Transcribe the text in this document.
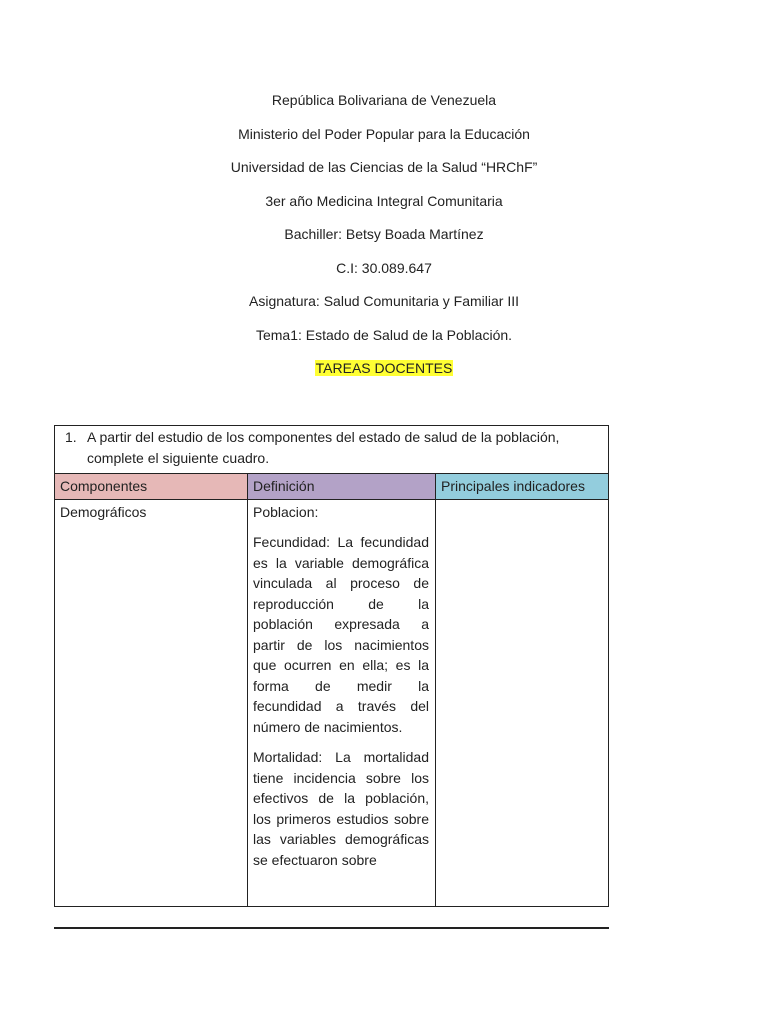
República Bolivariana de Venezuela
Ministerio del Poder Popular para la Educación
Universidad de las Ciencias de la Salud “HRChF”
3er año Medicina Integral Comunitaria
Bachiller: Betsy Boada Martínez
C.I: 30.089.647
Asignatura: Salud Comunitaria y Familiar III
Tema1: Estado de Salud de la Población.
TAREAS DOCENTES
1. A partir del estudio de los componentes del estado de salud de la población, complete el siguiente cuadro.		

Componentes	Definición	Principales indicadores

Demográficos	Poblacion:

Fecundidad: La fecundidad es la variable demográfica vinculada al proceso de reproducción de la población expresada a partir de los nacimientos que ocurren en ella; es la forma de medir la fecundidad a través del número de nacimientos.

Mortalidad: La mortalidad tiene incidencia sobre los efectivos de la población, los primeros estudios sobre las variables demográficas se efectuaron sobre	
